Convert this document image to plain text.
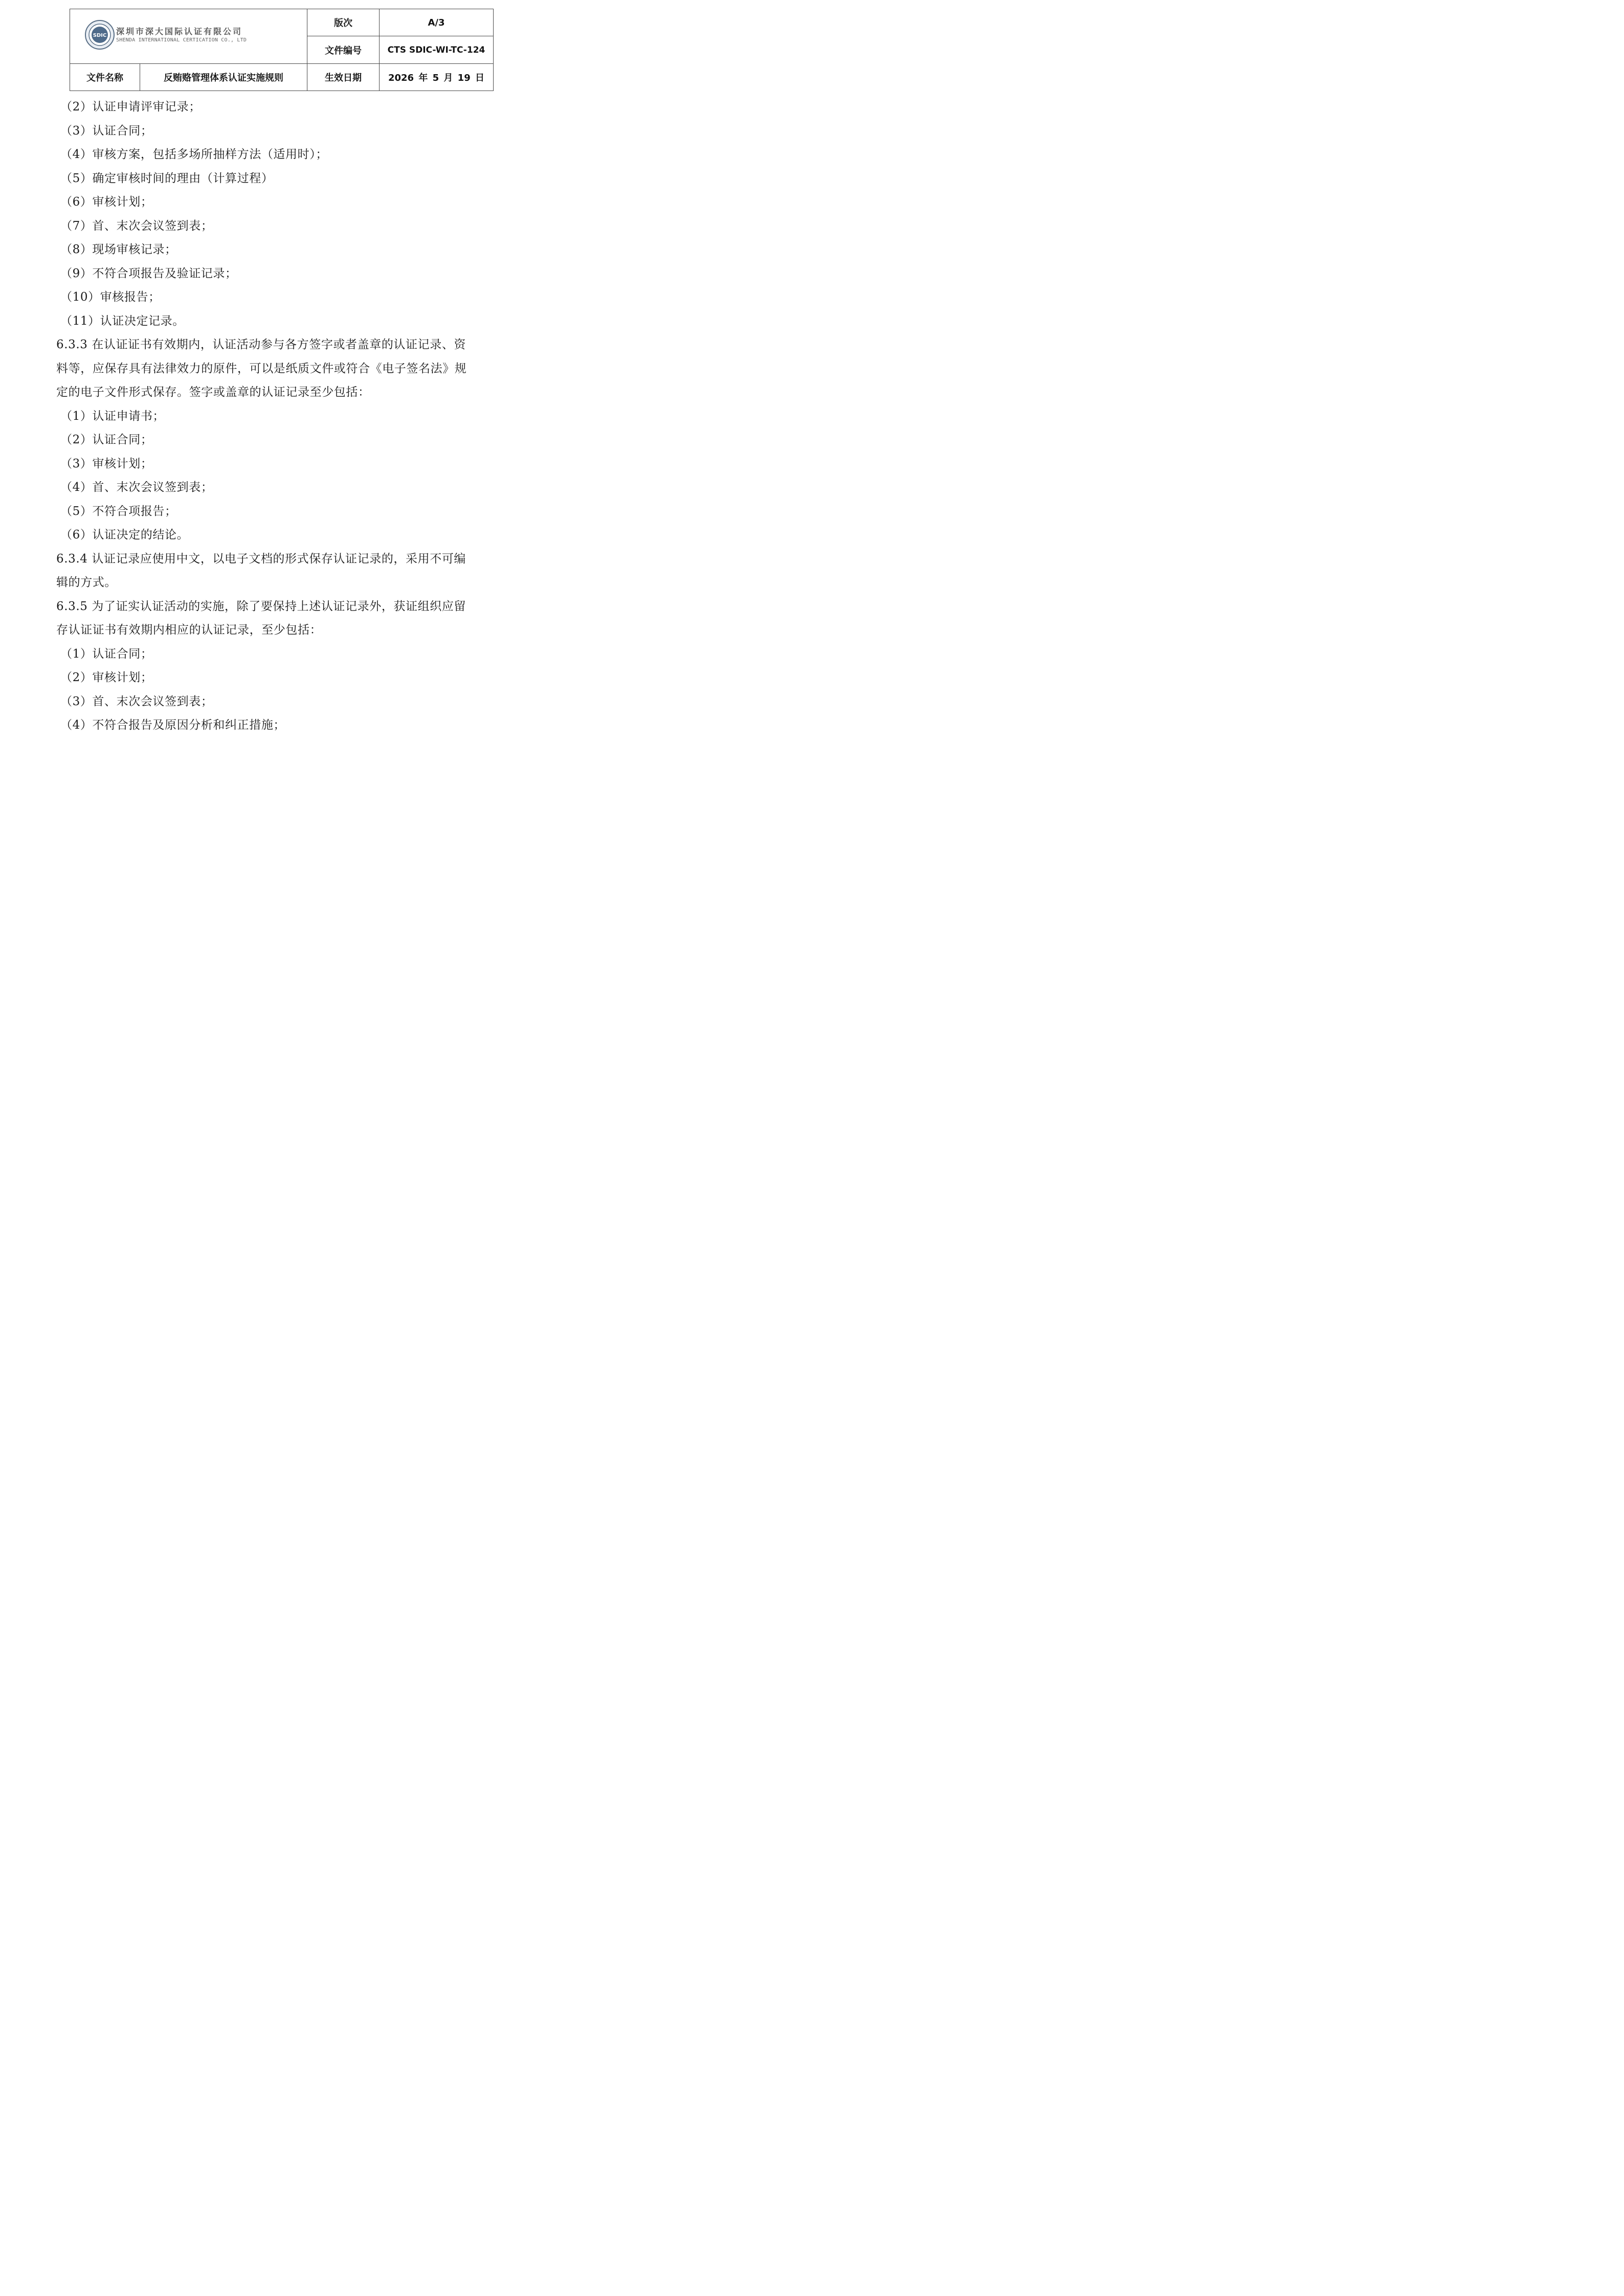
SDIC 深圳市深大国际认证有限公司
SHENDA INTERNATIONAL CERTICATION CO., LTD
版次	A/3
文件编号	CTS SDIC-WI-TC-124
文件名称	反贿赂管理体系认证实施规则	生效日期	2026 年 5 月 19 日
（2）认证申请评审记录；
（3）认证合同；
（4）审核方案，包括多场所抽样方法（适用时）；
（5）确定审核时间的理由（计算过程）
（6）审核计划；
（7）首、末次会议签到表；
（8）现场审核记录；
（9）不符合项报告及验证记录；
（10）审核报告；
（11）认证决定记录。
6.3.3 在认证证书有效期内，认证活动参与各方签字或者盖章的认证记录、资
料等，应保存具有法律效力的原件，可以是纸质文件或符合《电子签名法》规
定的电子文件形式保存。签字或盖章的认证记录至少包括：
（1）认证申请书；
（2）认证合同；
（3）审核计划；
（4）首、末次会议签到表；
（5）不符合项报告；
（6）认证决定的结论。
6.3.4 认证记录应使用中文，以电子文档的形式保存认证记录的，采用不可编
辑的方式。
6.3.5 为了证实认证活动的实施，除了要保持上述认证记录外，获证组织应留
存认证证书有效期内相应的认证记录，至少包括：
（1）认证合同；
（2）审核计划；
（3）首、末次会议签到表；
（4）不符合报告及原因分析和纠正措施；
